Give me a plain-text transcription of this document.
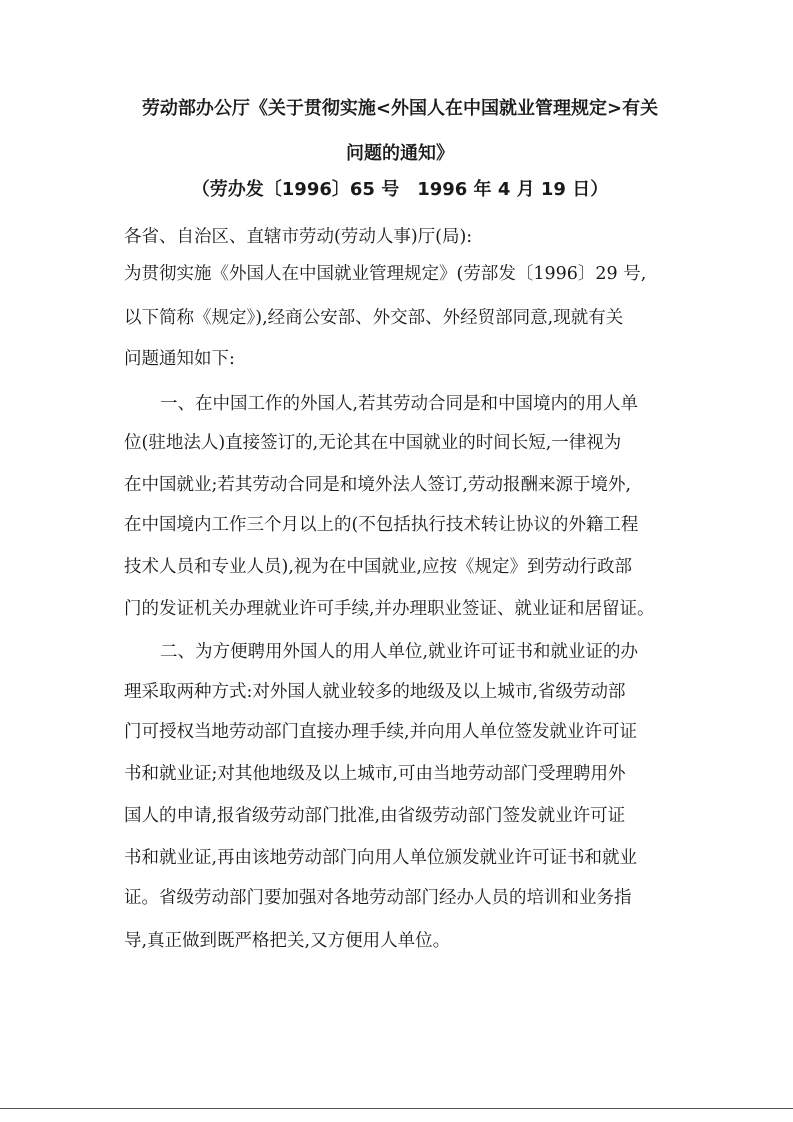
劳动部办公厅《关于贯彻实施<外国人在中国就业管理规定>有关
问题的通知》
（劳办发〔1996〕65 号　1996 年 4 月 19 日）
各省、自治区、直辖市劳动(劳动人事)厅(局):
为贯彻实施《外国人在中国就业管理规定》(劳部发〔1996〕29 号,
以下简称《规定》),经商公安部、外交部、外经贸部同意,现就有关
问题通知如下:
一、在中国工作的外国人,若其劳动合同是和中国境内的用人单
位(驻地法人)直接签订的,无论其在中国就业的时间长短,一律视为
在中国就业;若其劳动合同是和境外法人签订,劳动报酬来源于境外,
在中国境内工作三个月以上的(不包括执行技术转让协议的外籍工程
技术人员和专业人员),视为在中国就业,应按《规定》到劳动行政部
门的发证机关办理就业许可手续,并办理职业签证、就业证和居留证。
二、为方便聘用外国人的用人单位,就业许可证书和就业证的办
理采取两种方式:对外国人就业较多的地级及以上城市,省级劳动部
门可授权当地劳动部门直接办理手续,并向用人单位签发就业许可证
书和就业证;对其他地级及以上城市,可由当地劳动部门受理聘用外
国人的申请,报省级劳动部门批准,由省级劳动部门签发就业许可证
书和就业证,再由该地劳动部门向用人单位颁发就业许可证书和就业
证。省级劳动部门要加强对各地劳动部门经办人员的培训和业务指
导,真正做到既严格把关,又方便用人单位。
